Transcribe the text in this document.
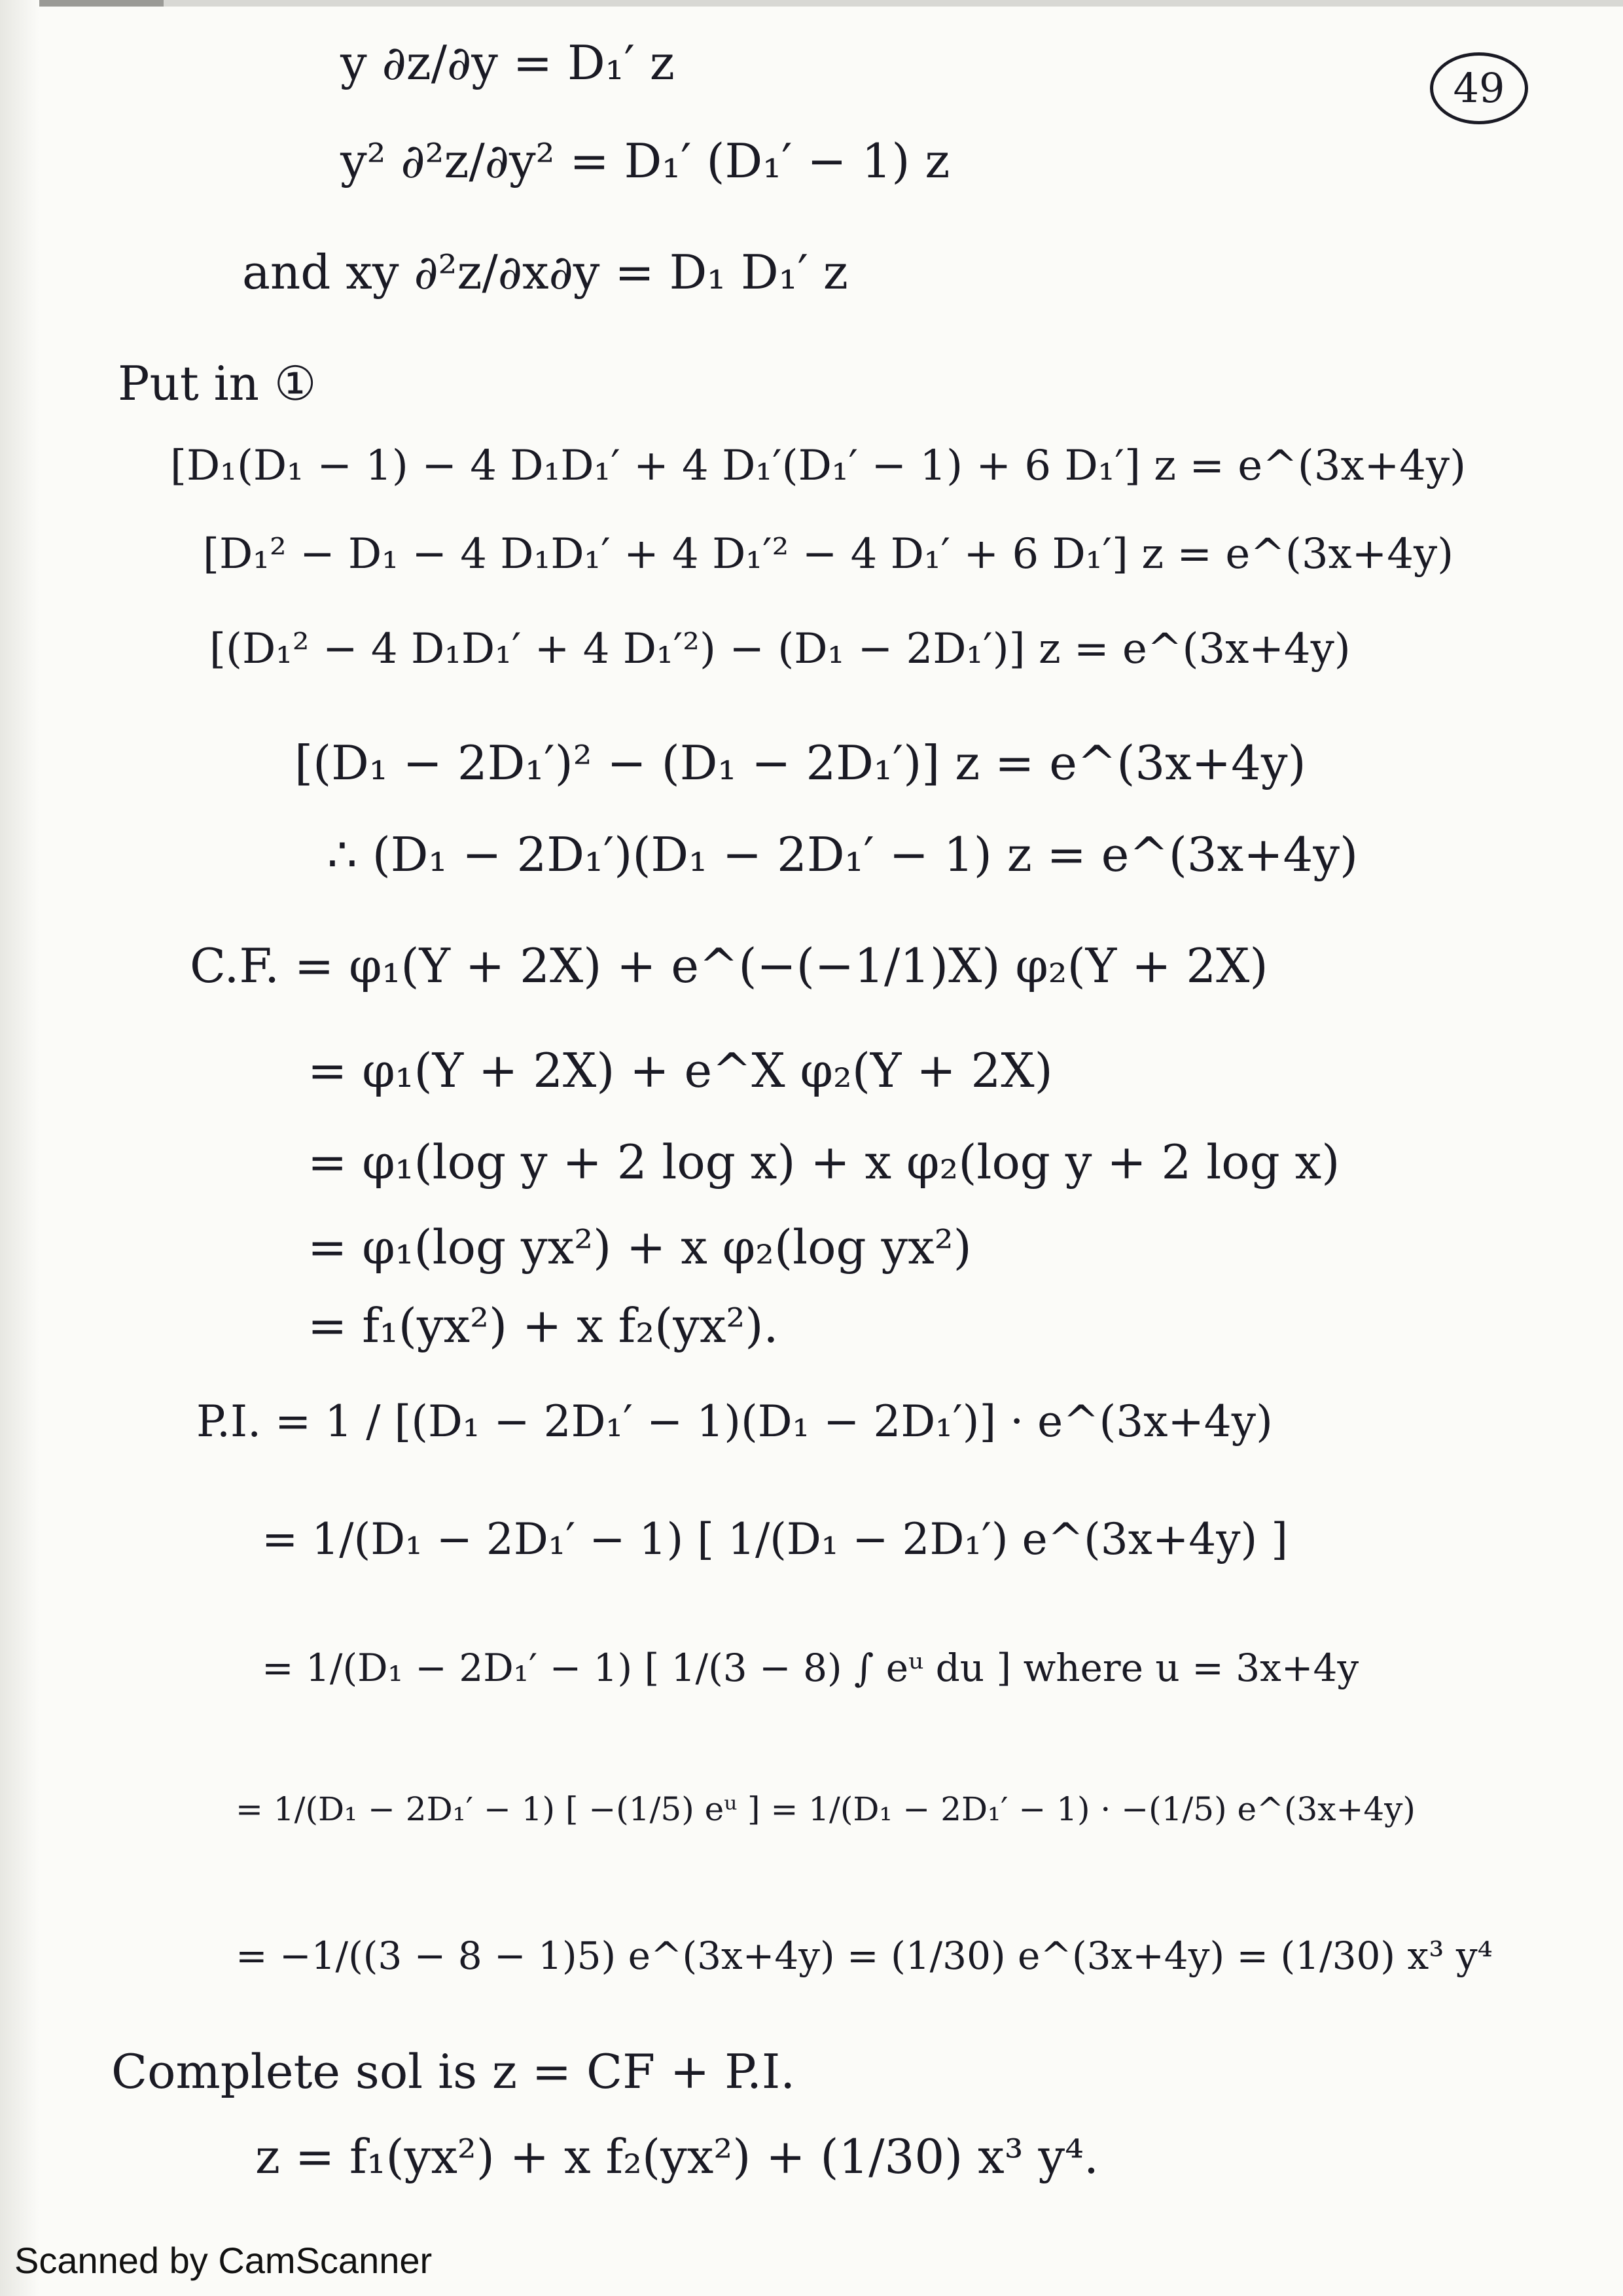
49
y ∂z/∂y = D₁′ z
y² ∂²z/∂y² = D₁′ (D₁′ − 1) z
and xy ∂²z/∂x∂y = D₁ D₁′ z
Put in ①
[D₁(D₁ − 1) − 4 D₁D₁′ + 4 D₁′(D₁′ − 1) + 6 D₁′] z = e^(3x+4y)
[D₁² − D₁ − 4 D₁D₁′ + 4 D₁′² − 4 D₁′ + 6 D₁′] z = e^(3x+4y)
[(D₁² − 4 D₁D₁′ + 4 D₁′²) − (D₁ − 2D₁′)] z = e^(3x+4y)
[(D₁ − 2D₁′)² − (D₁ − 2D₁′)] z = e^(3x+4y)
∴ (D₁ − 2D₁′)(D₁ − 2D₁′ − 1) z = e^(3x+4y)
C.F. = φ₁(Y + 2X) + e^(−(−1/1)X) φ₂(Y + 2X)
= φ₁(Y + 2X) + e^X φ₂(Y + 2X)
= φ₁(log y + 2 log x) + x φ₂(log y + 2 log x)
= φ₁(log yx²) + x φ₂(log yx²)
= f₁(yx²) + x f₂(yx²).
P.I. = 1 / [(D₁ − 2D₁′ − 1)(D₁ − 2D₁′)] · e^(3x+4y)
= 1/(D₁ − 2D₁′ − 1) [ 1/(D₁ − 2D₁′) e^(3x+4y) ]
= 1/(D₁ − 2D₁′ − 1) [ 1/(3 − 8) ∫ eᵘ du ] where u = 3x+4y
= 1/(D₁ − 2D₁′ − 1) [ −(1/5) eᵘ ] = 1/(D₁ − 2D₁′ − 1) · −(1/5) e^(3x+4y)
= −1/((3 − 8 − 1)5) e^(3x+4y) = (1/30) e^(3x+4y) = (1/30) x³ y⁴
Complete sol is z = CF + P.I.
z = f₁(yx²) + x f₂(yx²) + (1/30) x³ y⁴.
Scanned by CamScanner
